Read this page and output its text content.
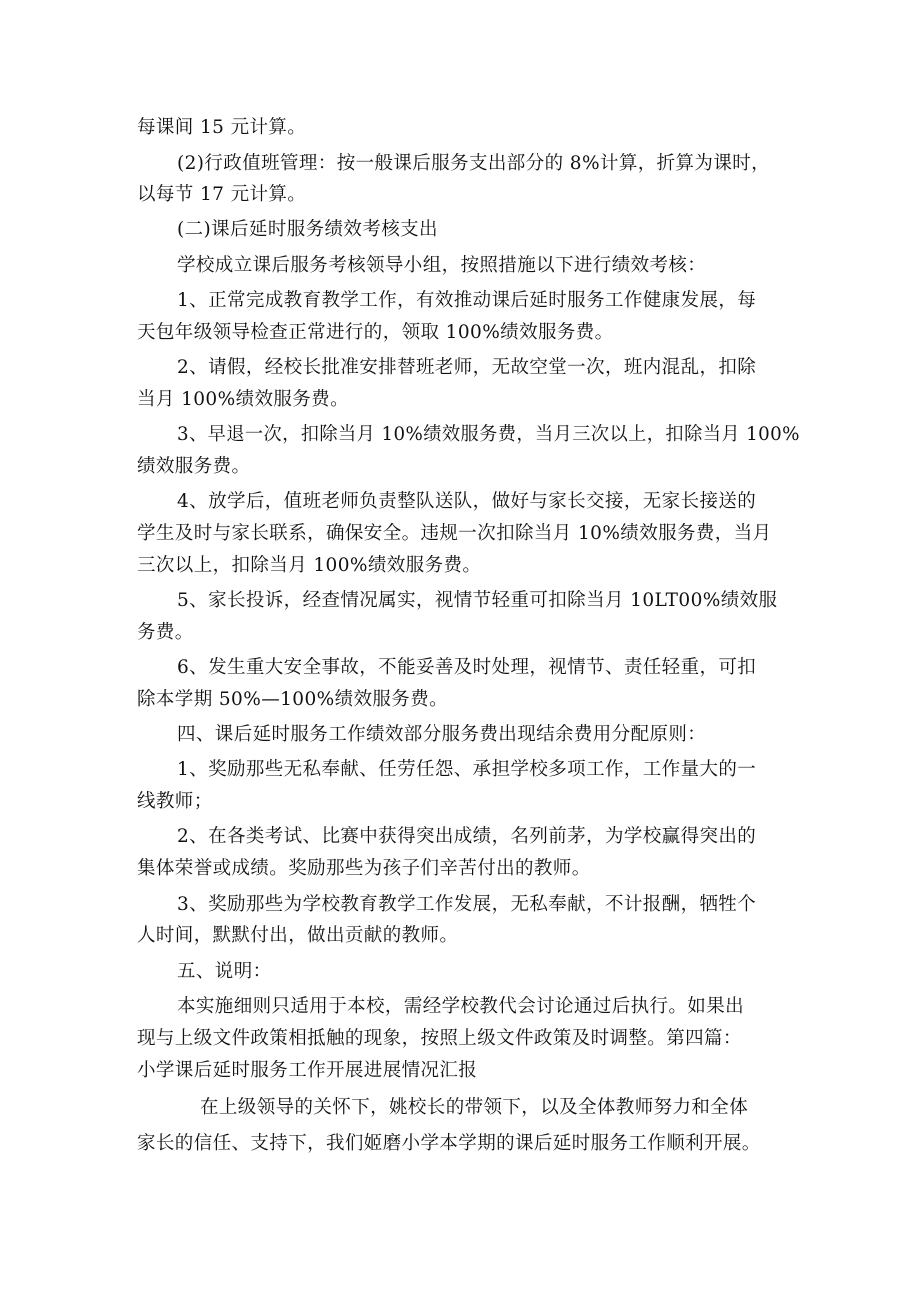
每课间 15 元计算。
(2)行政值班管理：按一般课后服务支出部分的 8%计算，折算为课时，
以每节 17 元计算。
(二)课后延时服务绩效考核支出
学校成立课后服务考核领导小组，按照措施以下进行绩效考核：
1、正常完成教育教学工作，有效推动课后延时服务工作健康发展，每
天包年级领导检查正常进行的，领取 100%绩效服务费。
2、请假，经校长批准安排替班老师，无故空堂一次，班内混乱，扣除
当月 100%绩效服务费。
3、早退一次，扣除当月 10%绩效服务费，当月三次以上，扣除当月 100%
绩效服务费。
4、放学后，值班老师负责整队送队，做好与家长交接，无家长接送的
学生及时与家长联系，确保安全。违规一次扣除当月 10%绩效服务费，当月
三次以上，扣除当月 100%绩效服务费。
5、家长投诉，经查情况属实，视情节轻重可扣除当月 10LT00%绩效服
务费。
6、发生重大安全事故，不能妥善及时处理，视情节、责任轻重，可扣
除本学期 50%—100%绩效服务费。
四、课后延时服务工作绩效部分服务费出现结余费用分配原则：
1、奖励那些无私奉献、任劳任怨、承担学校多项工作，工作量大的一
线教师；
2、在各类考试、比赛中获得突出成绩，名列前茅，为学校赢得突出的
集体荣誉或成绩。奖励那些为孩子们辛苦付出的教师。
3、奖励那些为学校教育教学工作发展，无私奉献，不计报酬，牺牲个
人时间，默默付出，做出贡献的教师。
五、说明：
本实施细则只适用于本校，需经学校教代会讨论通过后执行。如果出
现与上级文件政策相抵触的现象，按照上级文件政策及时调整。第四篇：
小学课后延时服务工作开展进展情况汇报
在上级领导的关怀下，姚校长的带领下，以及全体教师努力和全体
家长的信任、支持下，我们姬磨小学本学期的课后延时服务工作顺利开展。
